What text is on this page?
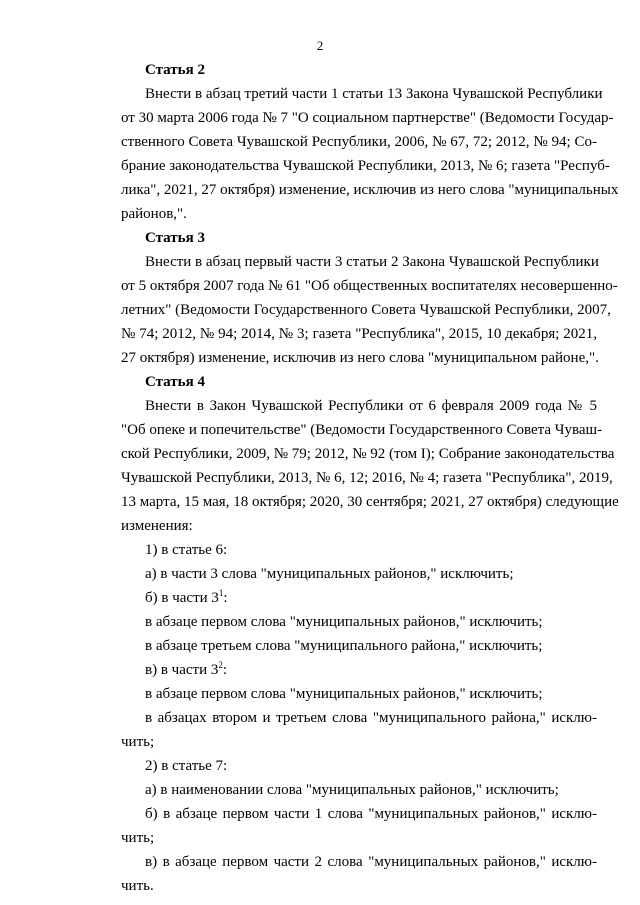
2
Статья 2
Внести в абзац третий части 1 статьи 13 Закона Чувашской Республики
от 30 марта 2006 года № 7 "О социальном партнерстве" (Ведомости Государ-
ственного Совета Чувашской Республики, 2006, № 67, 72; 2012, № 94; Со-
брание законодательства Чувашской Республики, 2013, № 6; газета "Респуб-
лика", 2021, 27 октября) изменение, исключив из него слова "муниципальных
районов,".
Статья 3
Внести в абзац первый части 3 статьи 2 Закона Чувашской Республики
от 5 октября 2007 года № 61 "Об общественных воспитателях несовершенно-
летних" (Ведомости Государственного Совета Чувашской Республики, 2007,
№ 74; 2012, № 94; 2014, № 3; газета "Республика", 2015, 10 декабря; 2021,
27 октября) изменение, исключив из него слова "муниципальном районе,".
Статья 4
Внести в Закон Чувашской Республики от 6 февраля 2009 года № 5
"Об опеке и попечительстве" (Ведомости Государственного Совета Чуваш-
ской Республики, 2009, № 79; 2012, № 92 (том I); Собрание законодательства
Чувашской Республики, 2013, № 6, 12; 2016, № 4; газета "Республика", 2019,
13 марта, 15 мая, 18 октября; 2020, 30 сентября; 2021, 27 октября) следующие
изменения:
1) в статье 6:
а) в части 3 слова "муниципальных районов," исключить;
б) в части $3^1$:
в абзаце первом слова "муниципальных районов," исключить;
в абзаце третьем слова "муниципального района," исключить;
в) в части $3^2$:
в абзаце первом слова "муниципальных районов," исключить;
в абзацах втором и третьем слова "муниципального района," исклю-
чить;
2) в статье 7:
а) в наименовании слова "муниципальных районов," исключить;
б) в абзаце первом части 1 слова "муниципальных районов," исклю-
чить;
в) в абзаце первом части 2 слова "муниципальных районов," исклю-
чить.
